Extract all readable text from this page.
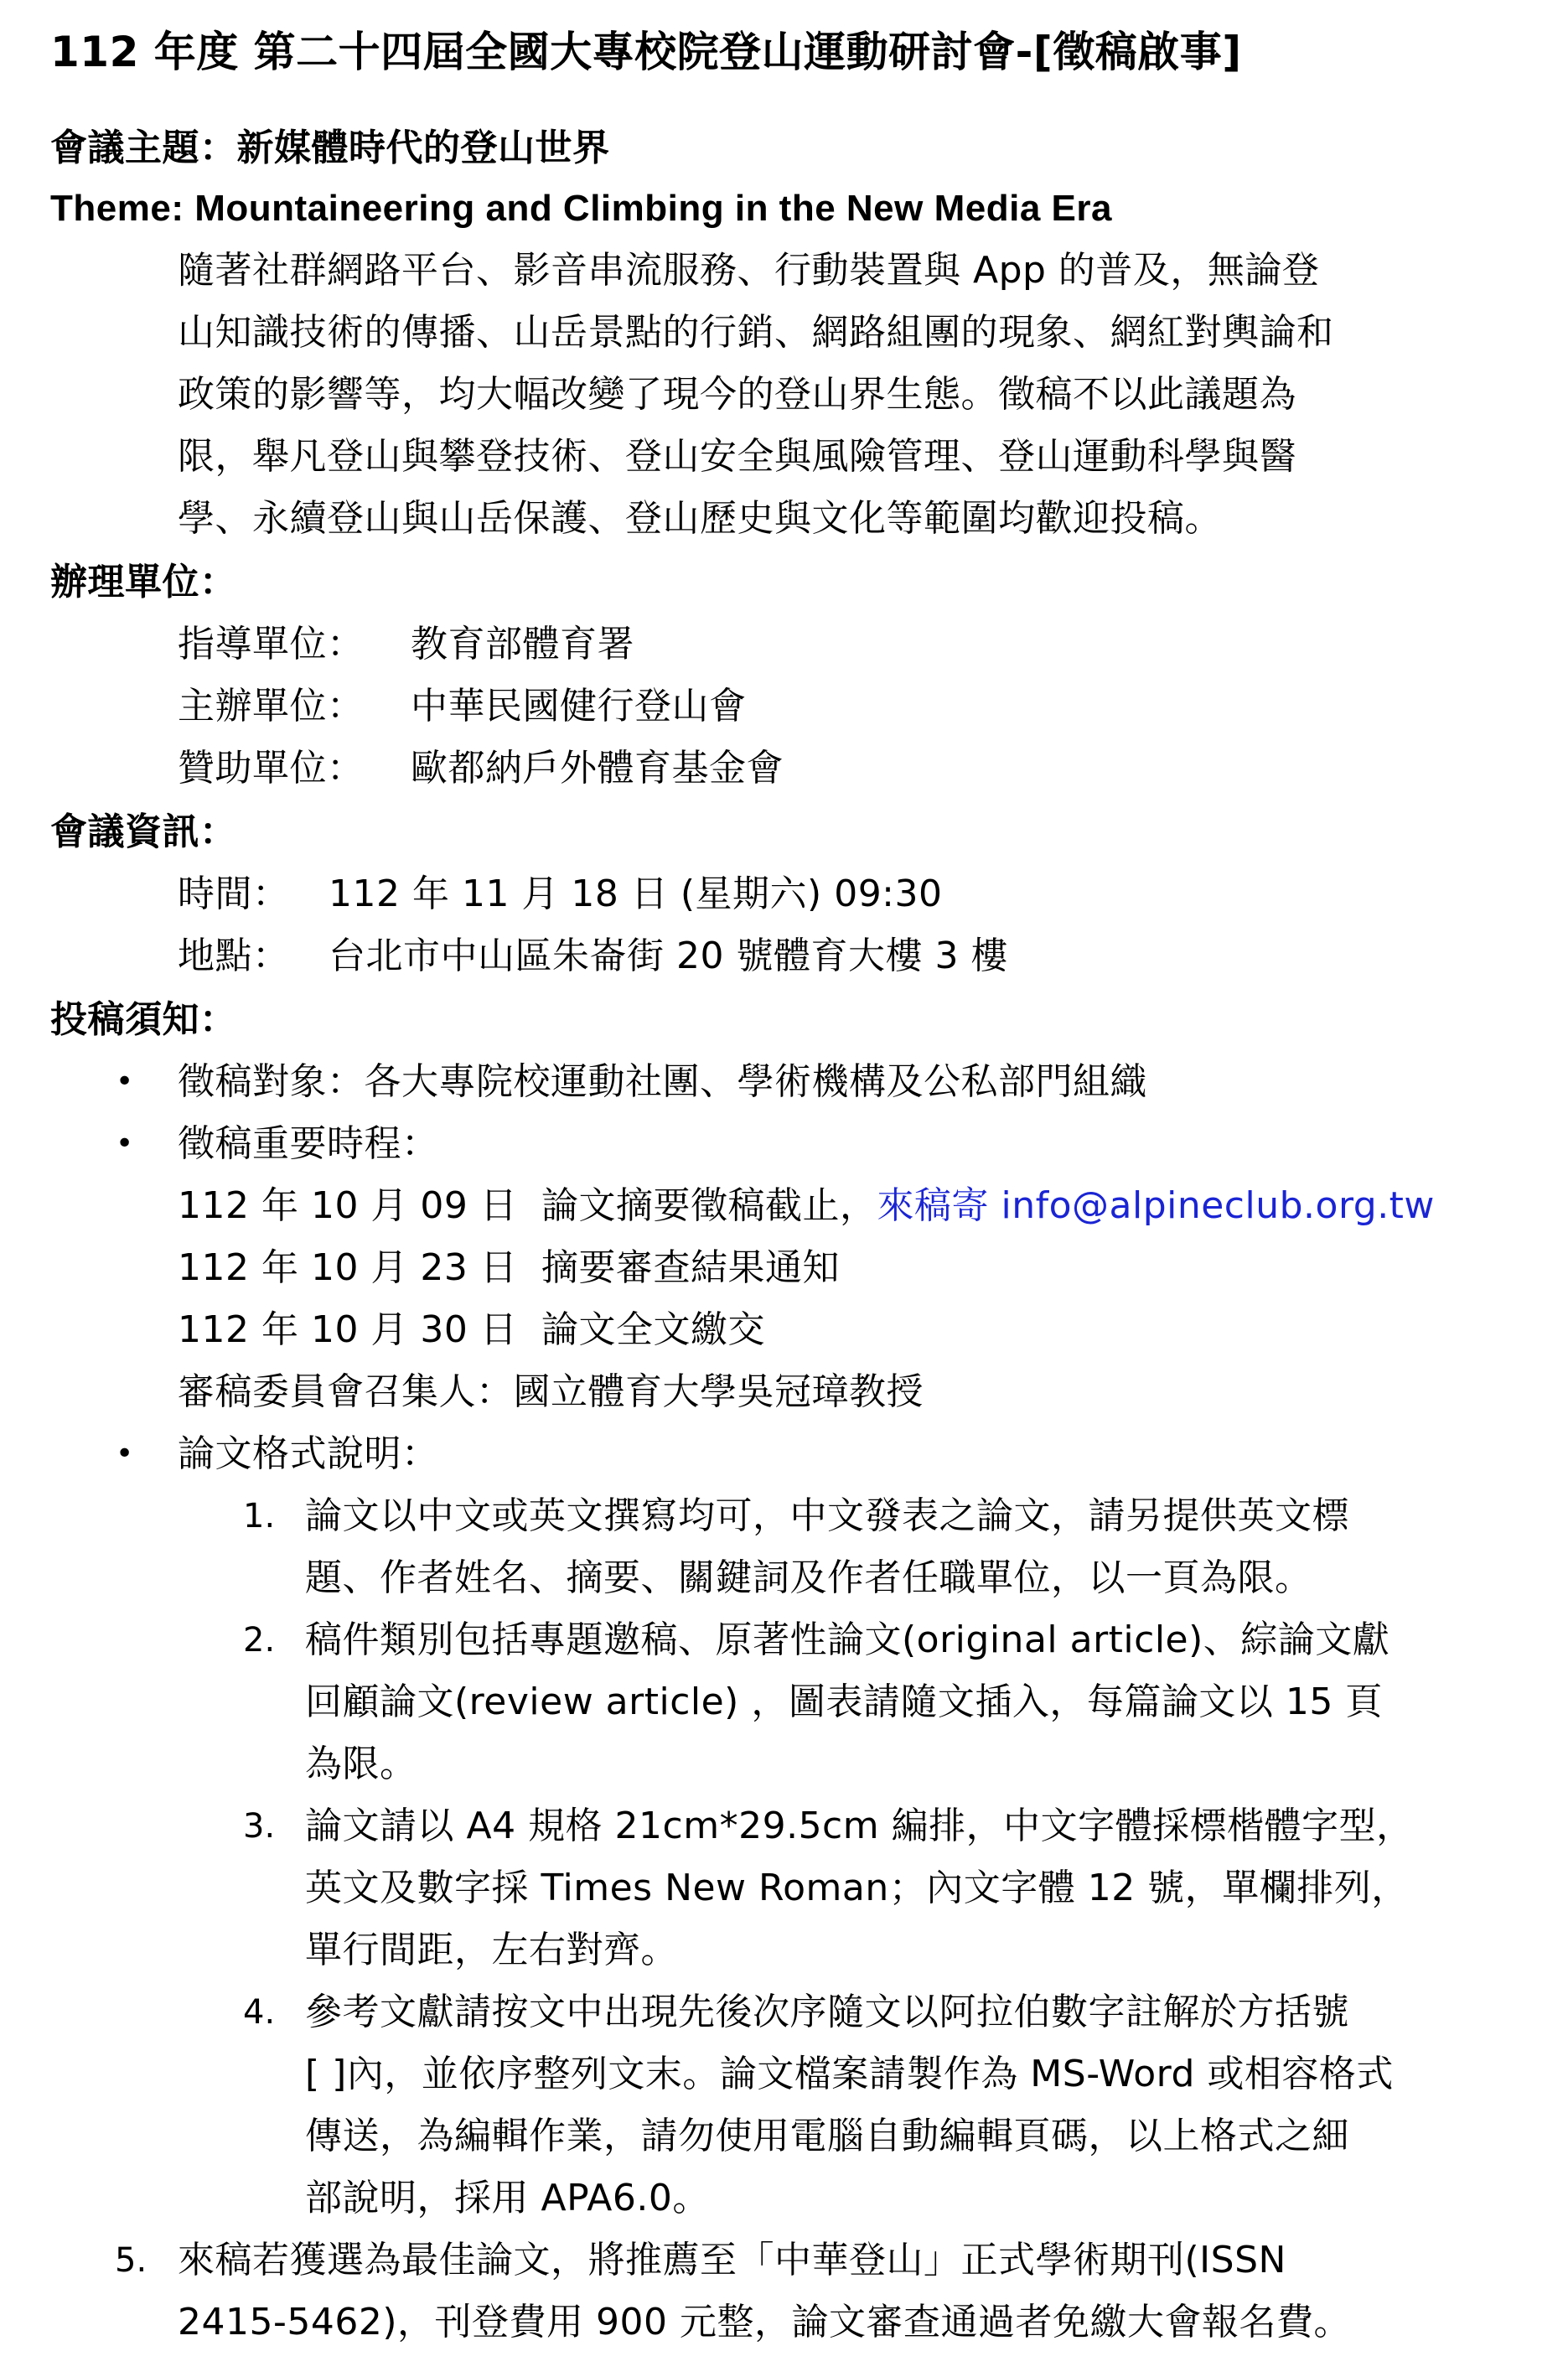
112 年度 第二十四屆全國大專校院登山運動研討會-[徵稿啟事]
會議主題：新媒體時代的登山世界
Theme: Mountaineering and Climbing in the New Media Era
隨著社群網路平台、影音串流服務、行動裝置與 App 的普及，無論登
山知識技術的傳播、山岳景點的行銷、網路組團的現象、網紅對輿論和
政策的影響等，均大幅改變了現今的登山界生態。徵稿不以此議題為
限，舉凡登山與攀登技術、登山安全與風險管理、登山運動科學與醫
學、永續登山與山岳保護、登山歷史與文化等範圍均歡迎投稿。
辦理單位：
指導單位： 教育部體育署
主辦單位： 中華民國健行登山會
贊助單位： 歐都納戶外體育基金會
會議資訊：
時間： 112 年 11 月 18 日 (星期六) 09:30
地點： 台北市中山區朱崙街 20 號體育大樓 3 樓
投稿須知：
• 徵稿對象：各大專院校運動社團、學術機構及公私部門組織
• 徵稿重要時程：
112 年 10 月 09 日 論文摘要徵稿截止，來稿寄 info@alpineclub.org.tw
112 年 10 月 23 日 摘要審查結果通知
112 年 10 月 30 日 論文全文繳交
審稿委員會召集人：國立體育大學吳冠璋教授
• 論文格式說明：
1. 論文以中文或英文撰寫均可，中文發表之論文，請另提供英文標
題、作者姓名、摘要、關鍵詞及作者任職單位，以一頁為限。
2. 稿件類別包括專題邀稿、原著性論文(original article)、綜論文獻
回顧論文(review article) ，圖表請隨文插入，每篇論文以 15 頁
為限。
3. 論文請以 A4 規格 21cm*29.5cm 編排，中文字體採標楷體字型，
英文及數字採 Times New Roman；內文字體 12 號，單欄排列，
單行間距，左右對齊。
4. 參考文獻請按文中出現先後次序隨文以阿拉伯數字註解於方括號
[ ]內，並依序整列文末。論文檔案請製作為 MS-Word 或相容格式
傳送，為編輯作業，請勿使用電腦自動編輯頁碼，以上格式之細
部說明，採用 APA6.0。
5. 來稿若獲選為最佳論文，將推薦至「中華登山」正式學術期刊(ISSN
2415-5462)，刊登費用 900 元整，論文審查通過者免繳大會報名費。
